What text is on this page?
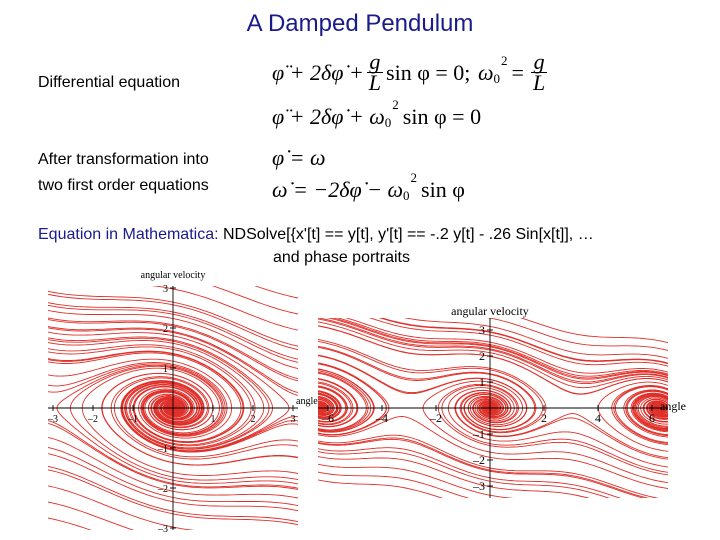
A Damped Pendulum
Differential equation	φ̈ + 2δφ̇ + $\frac{g}{L}$ sin φ = 0; ω 0
$2 = \frac{g}{L}$
φ̈ + 2δφ̇ + ω 0
2 sin φ = 0
After transformation into
two first order equations
φ̇ = ω
ω̇ = −2δφ̇ − ω 0
2 sin φ
Equation in Mathematica: NDSolve[{x'[t] == y[t], y'[t] == -.2 y[t] - .26 Sin[x[t]], …
and phase portraits
–3	–2	–1	1	2	3
3
2
1
–1
–2
–3
angle
angular velocity
–6	–4	–2	2	4	6
3
2
1
–1
–2
–3
angle
angular velocity
